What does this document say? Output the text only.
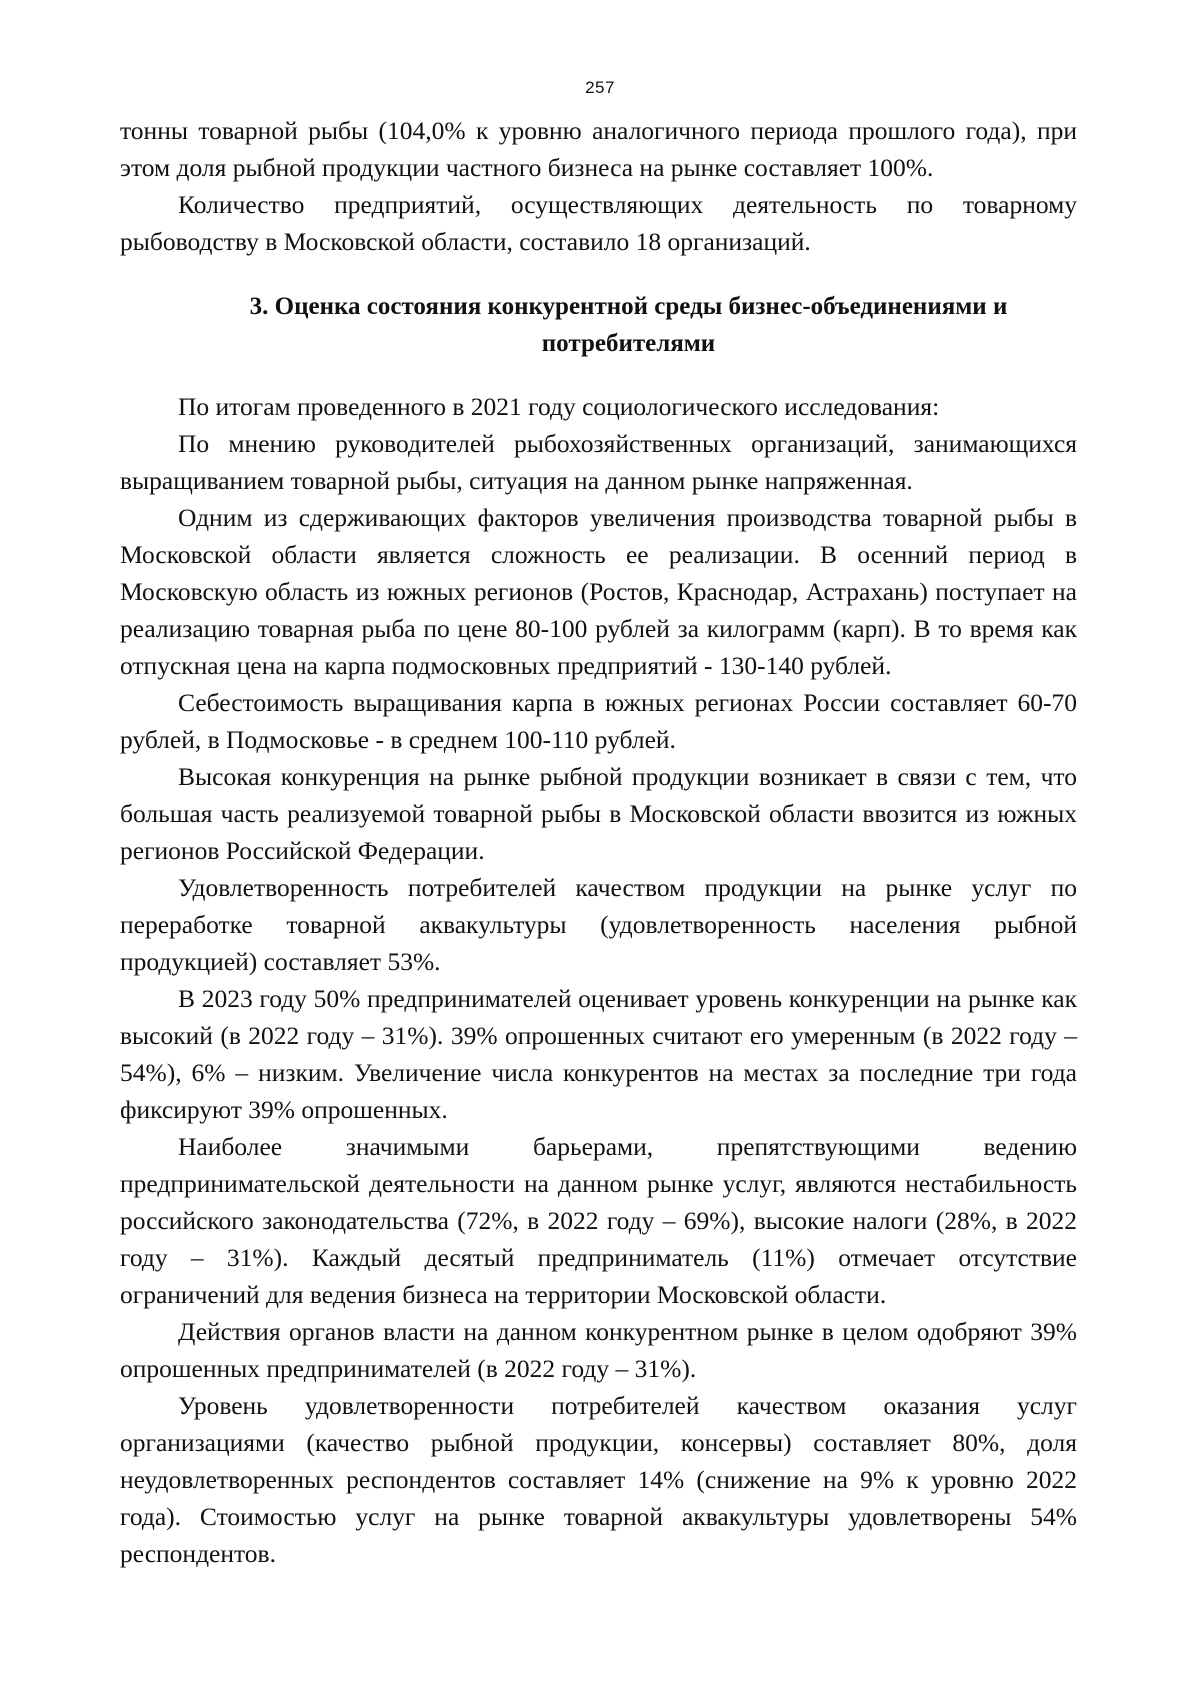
257

тонны товарной рыбы (104,0% к уровню аналогичного периода прошлого года), при этом доля рыбной продукции частного бизнеса на рынке составляет 100%.

Количество предприятий, осуществляющих деятельность по товарному рыбоводству в Московской области, составило 18 организаций.

3. Оценка состояния конкурентной среды бизнес-объединениями и
потребителями

По итогам проведенного в 2021 году социологического исследования:

По мнению руководителей рыбохозяйственных организаций, занимающихся выращиванием товарной рыбы, ситуация на данном рынке напряженная.

Одним из сдерживающих факторов увеличения производства товарной рыбы в Московской области является сложность ее реализации. В осенний период в Московскую область из южных регионов (Ростов, Краснодар, Астрахань) поступает на реализацию товарная рыба по цене 80-100 рублей за килограмм (карп). В то время как отпускная цена на карпа подмосковных предприятий - 130-140 рублей.

Себестоимость выращивания карпа в южных регионах России составляет 60-70 рублей, в Подмосковье - в среднем 100-110 рублей.

Высокая конкуренция на рынке рыбной продукции возникает в связи с тем, что большая часть реализуемой товарной рыбы в Московской области ввозится из южных регионов Российской Федерации.

Удовлетворенность потребителей качеством продукции на рынке услуг по переработке товарной аквакультуры (удовлетворенность населения рыбной продукцией) составляет 53%.

В 2023 году 50% предпринимателей оценивает уровень конкуренции на рынке как высокий (в 2022 году – 31%). 39% опрошенных считают его умеренным (в 2022 году – 54%), 6% – низким. Увеличение числа конкурентов на местах за последние три года фиксируют 39% опрошенных.

Наиболее значимыми барьерами, препятствующими ведению предпринимательской деятельности на данном рынке услуг, являются нестабильность российского законодательства (72%, в 2022 году – 69%), высокие налоги (28%, в 2022 году – 31%). Каждый десятый предприниматель (11%) отмечает отсутствие ограничений для ведения бизнеса на территории Московской области.

Действия органов власти на данном конкурентном рынке в целом одобряют 39% опрошенных предпринимателей (в 2022 году – 31%).

Уровень удовлетворенности потребителей качеством оказания услуг организациями (качество рыбной продукции, консервы) составляет 80%, доля неудовлетворенных респондентов составляет 14% (снижение на 9% к уровню 2022 года). Стоимостью услуг на рынке товарной аквакультуры удовлетворены 54% респондентов.
